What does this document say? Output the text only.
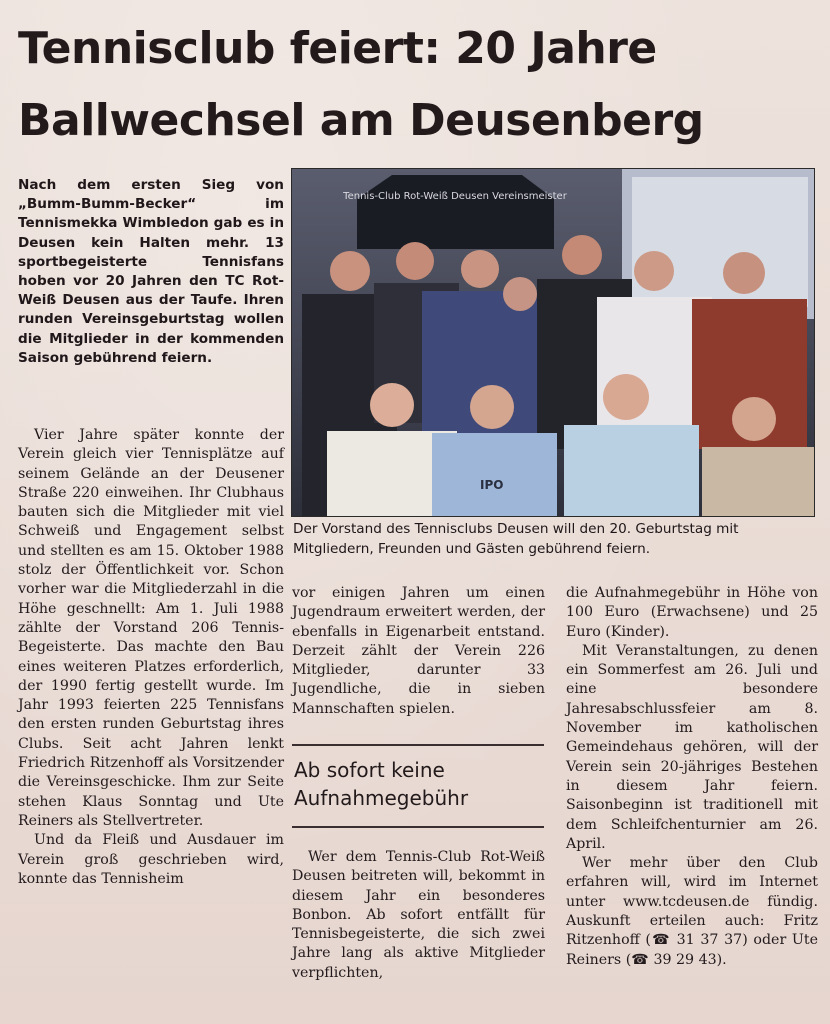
Tennisclub feiert: 20 Jahre
Ballwechsel am Deusenberg
Nach dem ersten Sieg von „Bumm-Bumm-Becker“ im Tennismekka Wimbledon gab es in Deusen kein Halten mehr. 13 sportbegeisterte Tennisfans hoben vor 20 Jahren den TC Rot-Weiß Deusen aus der Taufe. Ihren runden Vereinsgeburtstag wollen die Mitglieder in der kommenden Saison gebührend feiern.
Tennis-Club Rot-Weiß Deusen Vereinsmeister
IPO
Der Vorstand des Tennisclubs Deusen will den 20. Geburtstag mit Mitgliedern, Freunden und Gästen gebührend feiern.

Vier Jahre später konnte der Verein gleich vier Tennisplätze auf seinem Gelände an der Deusener Straße 220 einweihen. Ihr Clubhaus bauten sich die Mitglieder mit viel Schweiß und Engagement selbst und stellten es am 15. Oktober 1988 stolz der Öffentlichkeit vor. Schon vorher war die Mitgliederzahl in die Höhe geschnellt: Am 1. Juli 1988 zählte der Vorstand 206 Tennis-Begeisterte. Das machte den Bau eines weiteren Platzes erforderlich, der 1990 fertig gestellt wurde. Im Jahr 1993 feierten 225 Tennisfans den ersten runden Geburtstag ihres Clubs. Seit acht Jahren lenkt Friedrich Ritzenhoff als Vorsitzender die Vereinsgeschicke. Ihm zur Seite stehen Klaus Sonntag und Ute Reiners als Stellvertreter.

Und da Fleiß und Ausdauer im Verein groß geschrieben wird, konnte das Tennisheim

vor einigen Jahren um einen Jugendraum erweitert werden, der ebenfalls in Eigenarbeit entstand. Derzeit zählt der Verein 226 Mitglieder, darunter 33 Jugendliche, die in sieben Mannschaften spielen.

Ab sofort keine Aufnahmegebühr

Wer dem Tennis-Club Rot-Weiß Deusen beitreten will, bekommt in diesem Jahr ein besonderes Bonbon. Ab sofort entfällt für Tennisbegeisterte, die sich zwei Jahre lang als aktive Mitglieder verpflichten,

die Aufnahmegebühr in Höhe von 100 Euro (Erwachsene) und 25 Euro (Kinder).

Mit Veranstaltungen, zu denen ein Sommerfest am 26. Juli und eine besondere Jahresabschlussfeier am 8. November im katholischen Gemeindehaus gehören, will der Verein sein 20-jähriges Bestehen in diesem Jahr feiern. Saisonbeginn ist traditionell mit dem Schleifchenturnier am 26. April.

Wer mehr über den Club erfahren will, wird im Internet unter www.tcdeusen.de fündig. Auskunft erteilen auch: Fritz Ritzenhoff (☎ 31 37 37) oder Ute Reiners (☎ 39 29 43).
